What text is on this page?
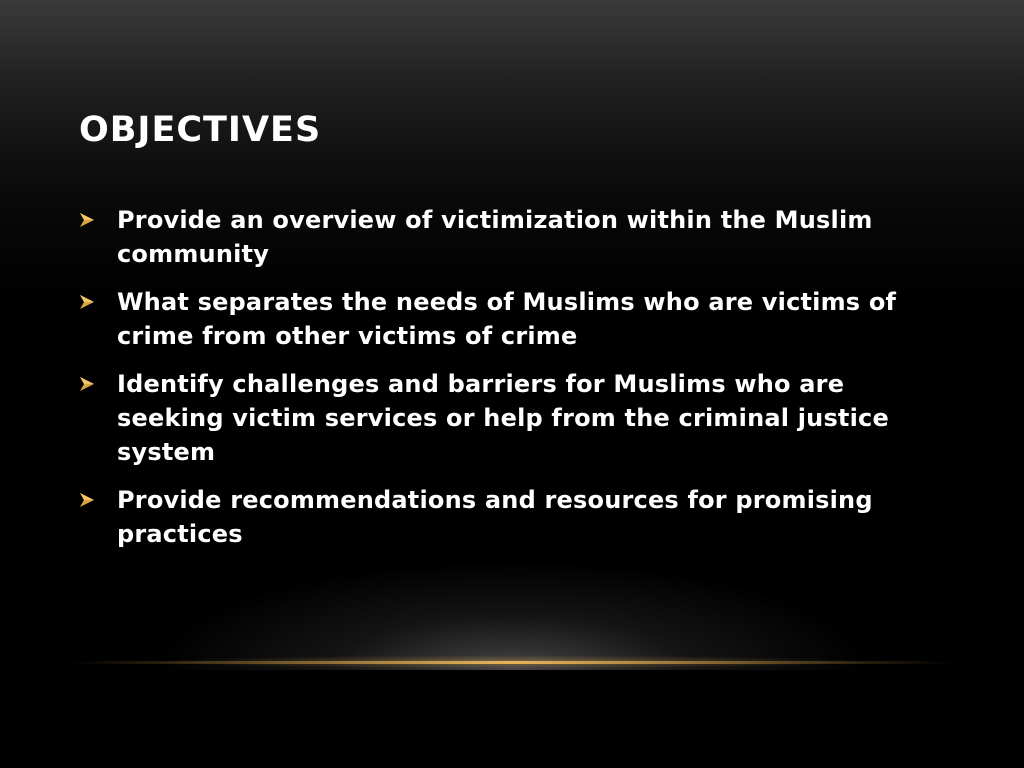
OBJECTIVES
Provide an overview of victimization within the Muslim community
What separates the needs of Muslims who are victims of crime from other victims of crime
Identify challenges and barriers for Muslims who are seeking victim services or help from the criminal justice system
Provide recommendations and resources for promising practices
